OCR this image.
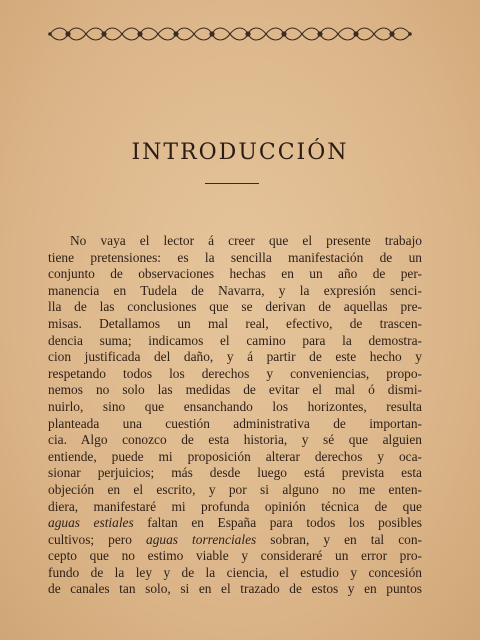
INTRODUCCIÓN
No vaya el lector á creer que el presente trabajo
tiene pretensiones: es la sencilla manifestación de un
conjunto de observaciones hechas en un año de per-
manencia en Tudela de Navarra, y la expresión senci-
lla de las conclusiones que se derivan de aquellas pre-
misas. Detallamos un mal real, efectivo, de trascen-
dencia suma; indicamos el camino para la demostra-
cion justificada del daño, y á partir de este hecho y
respetando todos los derechos y conveniencias, propo-
nemos no solo las medidas de evitar el mal ó dismi-
nuirlo, sino que ensanchando los horizontes, resulta
planteada una cuestión administrativa de importan-
cia. Algo conozco de esta historia, y sé que alguien
entiende, puede mi proposición alterar derechos y oca-
sionar perjuicios; más desde luego está prevista esta
objeción en el escrito, y por si alguno no me enten-
diera, manifestaré mi profunda opinión técnica de que
aguas estiales faltan en España para todos los posibles
cultivos; pero aguas torrenciales sobran, y en tal con-
cepto que no estimo viable y consideraré un error pro-
fundo de la ley y de la ciencia, el estudio y concesión
de canales tan solo, si en el trazado de estos y en puntos
